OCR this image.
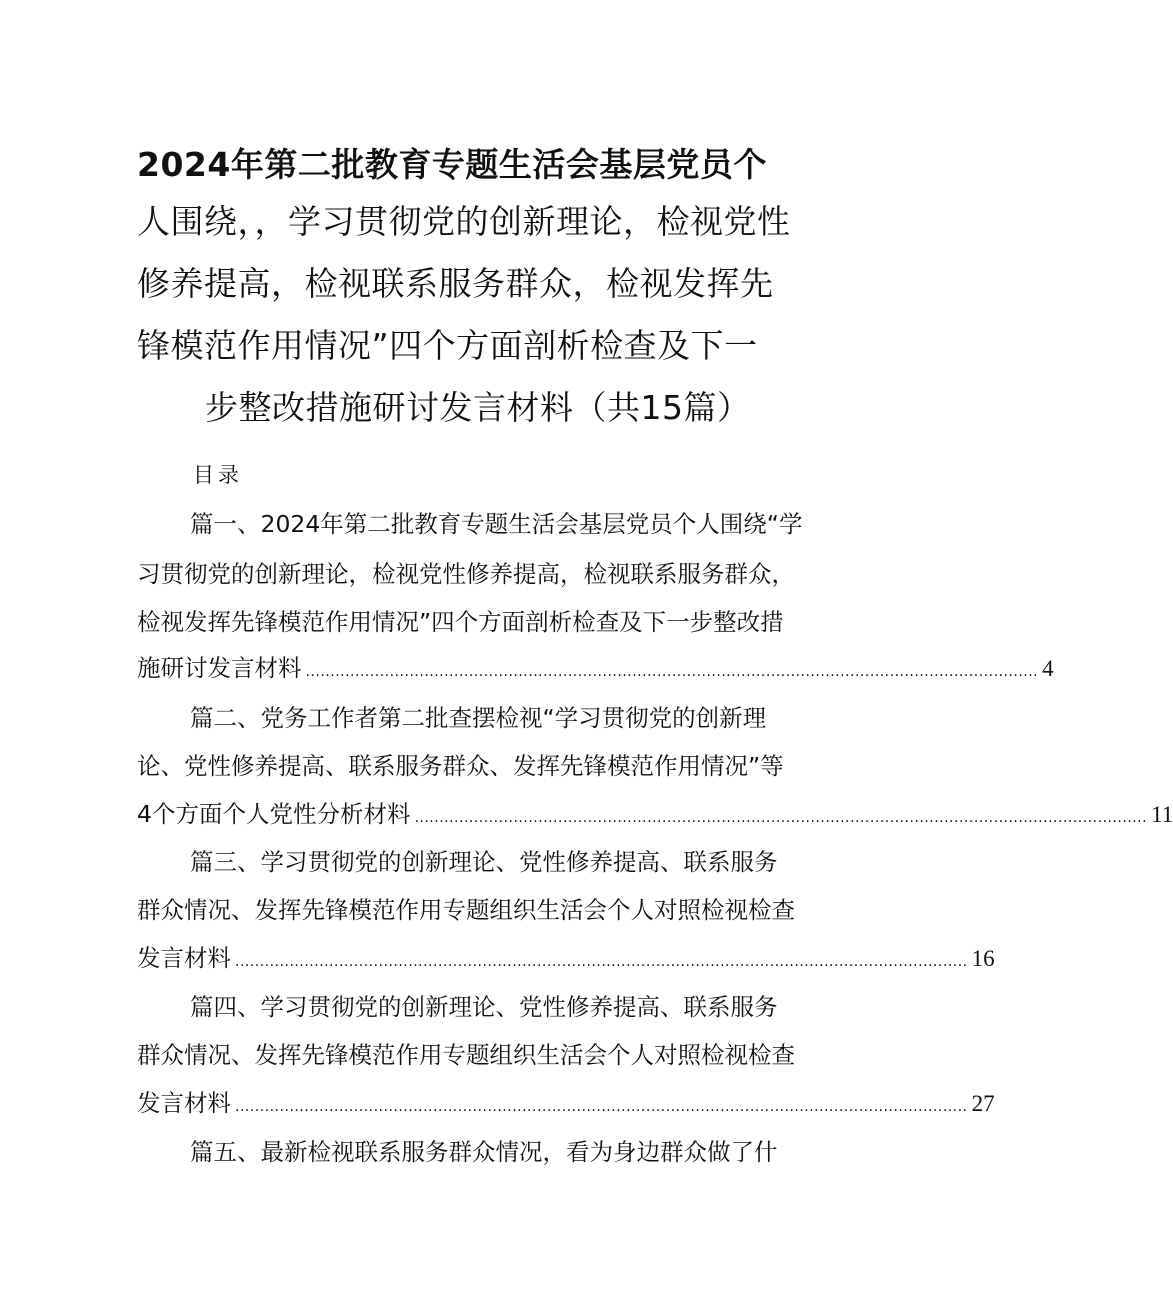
2024年第二批教育专题生活会基层党员个
人围绕，，学习贯彻党的创新理论，检视党性
修养提高，检视联系服务群众，检视发挥先
锋模范作用情况”四个方面剖析检查及下一
步整改措施研讨发言材料（共15篇）
目录
篇一、2024年第二批教育专题生活会基层党员个人围绕“学
习贯彻党的创新理论，检视党性修养提高，检视联系服务群众，
检视发挥先锋模范作用情况”四个方面剖析检查及下一步整改措
施研讨发言材料 .................................................................................................................................................... 4
篇二、党务工作者第二批查摆检视“学习贯彻党的创新理
论、党性修养提高、联系服务群众、发挥先锋模范作用情况”等
4个方面个人党性分析材料 .................................................................................................................................................... 11
篇三、学习贯彻党的创新理论、党性修养提高、联系服务
群众情况、发挥先锋模范作用专题组织生活会个人对照检视检查
发言材料 .................................................................................................................................................... 16
篇四、学习贯彻党的创新理论、党性修养提高、联系服务
群众情况、发挥先锋模范作用专题组织生活会个人对照检视检查
发言材料 .................................................................................................................................................... 27
篇五、最新检视联系服务群众情况，看为身边群众做了什
